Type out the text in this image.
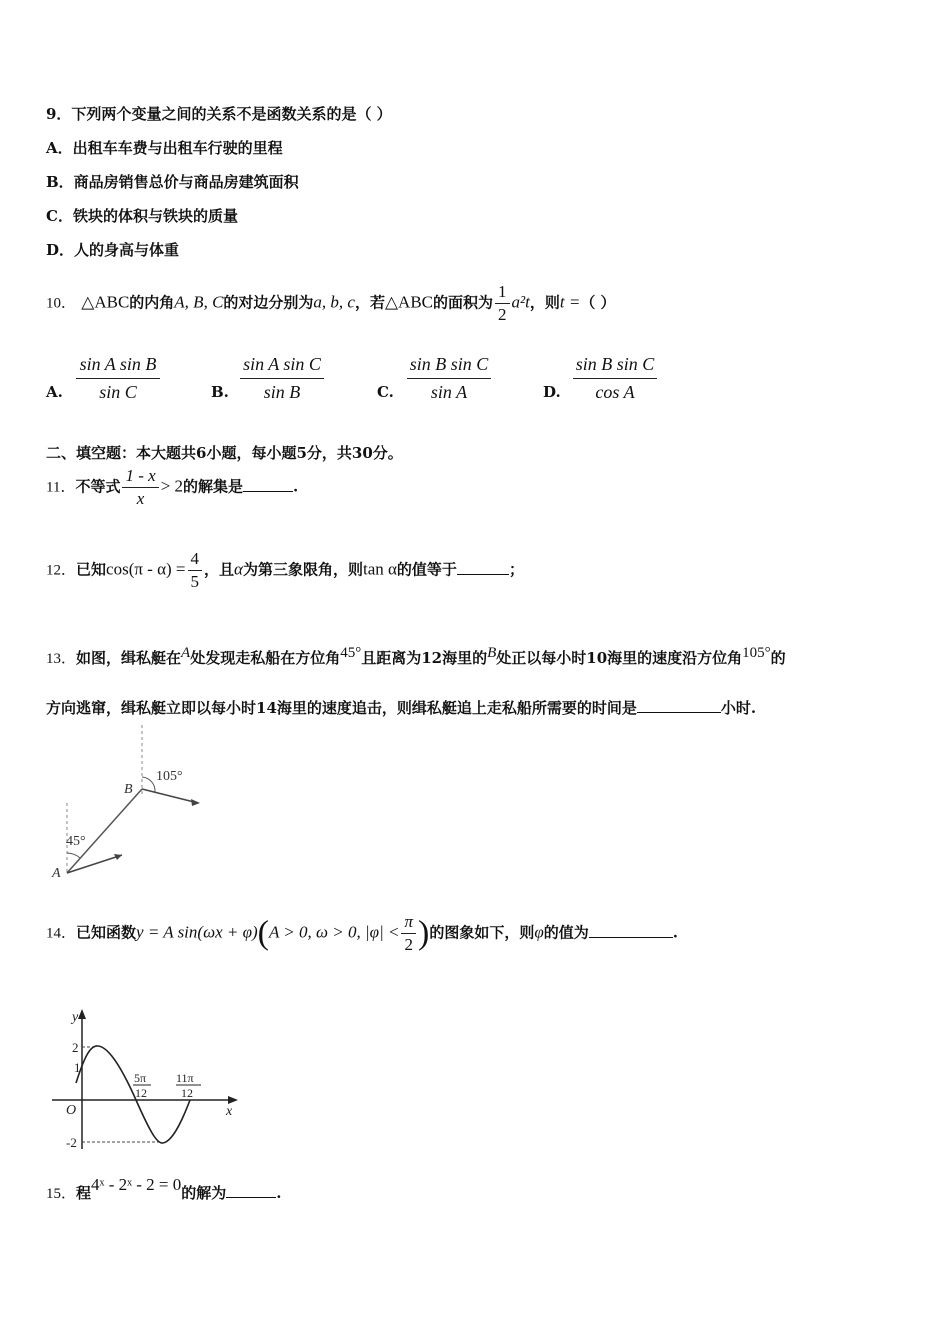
9．下列两个变量之间的关系不是函数关系的是（ ）
A．出租车车费与出租车行驶的里程
B．商品房销售总价与商品房建筑面积
C．铁块的体积与铁块的质量
D．人的身高与体重
10． △ABC的内角A, B, C的对边分别为a, b, c，若△ABC的面积为 $\frac{1}{2} a^2t$，则t =（ ）
A.
sin A sin B
sin C	B.
sin A sin C
sin B	C.
sin B sin C
sin A	D.
sin B sin C
cos A
二、填空题：本大题共6小题，每小题5分，共30分。
11．不等式 $\frac{1 - x}{x} > 2$的解集是	.
12．已知$\cos(\pi - \alpha) = \frac{4}{5}$ ，且α为第三象限角，则tan α的值等于	；
13．如图，缉私艇在$^A$处发现走私船在方位角$^{45^\circ}$且距离为12海里的$^B$处正以每小时10海里的速度沿方位角$^{105^\circ}$的
方向逃窜，缉私艇立即以每小时14海里的速度追击，则缉私艇追上走私船所需要的时间是	小时.
45°
105°
B
A
14．已知函数y = A sin(ωx + φ)(A > 0, ω > 0, $|\varphi| < \frac{\pi}{2}$ )的图象如下，则φ的值为	.
y
x
O
2
1
-2
5π
12
11π
12
15．程4ˣ - 2ˣ - 2 = 0的解为	.
